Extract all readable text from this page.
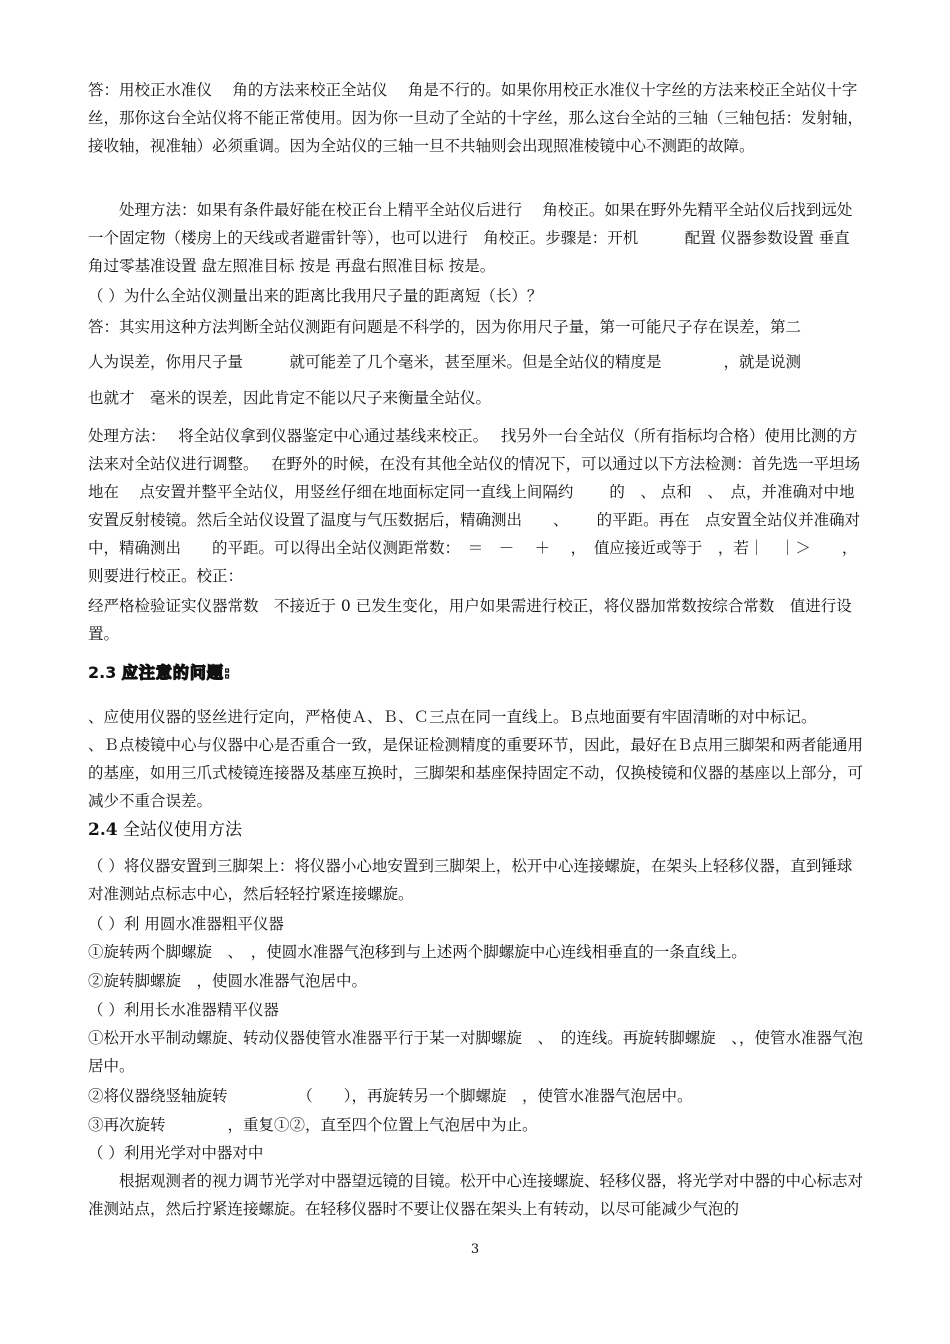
答：用校正水准仪　 角的方法来校正全站仪　 角是不行的。如果你用校正水准仪十字丝的方法来校正全站仪十字丝，那你这台全站仪将不能正常使用。因为你一旦动了全站的十字丝，那么这台全站的三轴（三轴包括：发射轴，接收轴，视准轴）必须重调。因为全站仪的三轴一旦不共轴则会出现照准棱镜中心不测距的故障。

处理方法：如果有条件最好能在校正台上精平全站仪后进行　 角校正。如果在野外先精平全站仪后找到远处一个固定物（楼房上的天线或者避雷针等），也可以进行　角校正。步骤是：开机　　　配置 仪器参数设置 垂直角过零基准设置 盘左照准目标 按是 再盘右照准目标 按是。

（ ）为什么全站仪测量出来的距离比我用尺子量的距离短（长）？

答：其实用这种方法判断全站仪测距有问题是不科学的，因为你用尺子量，第一可能尺子存在误差，第二

人为误差，你用尺子量　　　就可能差了几个毫米，甚至厘米。但是全站仪的精度是　　　　，就是说测

也就才　毫米的误差，因此肯定不能以尺子来衡量全站仪。

处理方法：　 将全站仪拿到仪器鉴定中心通过基线来校正。　 找另外一台全站仪（所有指标均合格）使用比测的方法来对全站仪进行调整。　 在野外的时候，在没有其他全站仪的情况下，可以通过以下方法检测：首先选一平坦场地在　 点安置并整平全站仪，用竖丝仔细在地面标定同一直线上间隔约　　 的　、 点和　、　点，并准确对中地安置反射棱镜。然后全站仪设置了温度与气压数据后，精确测出　　、　　 的平距。再在　点安置全站仪并准确对中，精确测出　　的平距。可以得出全站仪测距常数：　＝　－　 ＋　 ，　值应接近或等于　，若｜　｜＞　　，则要进行校正。校正：

经严格检验证实仪器常数　不接近于 0 已发生变化，用户如果需进行校正，将仪器加常数按综合常数　值进行设置。

2.3 应注意的问题:

、应使用仪器的竖丝进行定向，严格使Ａ、Ｂ、Ｃ三点在同一直线上。Ｂ点地面要有牢固清晰的对中标记。

、Ｂ点棱镜中心与仪器中心是否重合一致，是保证检测精度的重要环节，因此，最好在Ｂ点用三脚架和两者能通用的基座，如用三爪式棱镜连接器及基座互换时，三脚架和基座保持固定不动，仅换棱镜和仪器的基座以上部分，可减少不重合误差。

2.4 全站仪使用方法

（ ）将仪器安置到三脚架上：将仪器小心地安置到三脚架上，松开中心连接螺旋，在架头上轻移仪器，直到锤球对准测站点标志中心，然后轻轻拧紧连接螺旋。

（ ）利 用圆水准器粗平仪器

①旋转两个脚螺旋　、　，使圆水准器气泡移到与上述两个脚螺旋中心连线相垂直的一条直线上。

②旋转脚螺旋　，使圆水准器气泡居中。

（ ）利用长水准器精平仪器

①松开水平制动螺旋、转动仪器使管水准器平行于某一对脚螺旋　、　的连线。再旋转脚螺旋　、，使管水准器气泡居中。

②将仪器绕竖轴旋转　　　　　（　　），再旋转另一个脚螺旋　，使管水准器气泡居中。

③再次旋转　　　　，重复①②，直至四个位置上气泡居中为止。

（ ）利用光学对中器对中

根据观测者的视力调节光学对中器望远镜的目镜。松开中心连接螺旋、轻移仪器，将光学对中器的中心标志对准测站点，然后拧紧连接螺旋。在轻移仪器时不要让仪器在架头上有转动，以尽可能减少气泡的

3
